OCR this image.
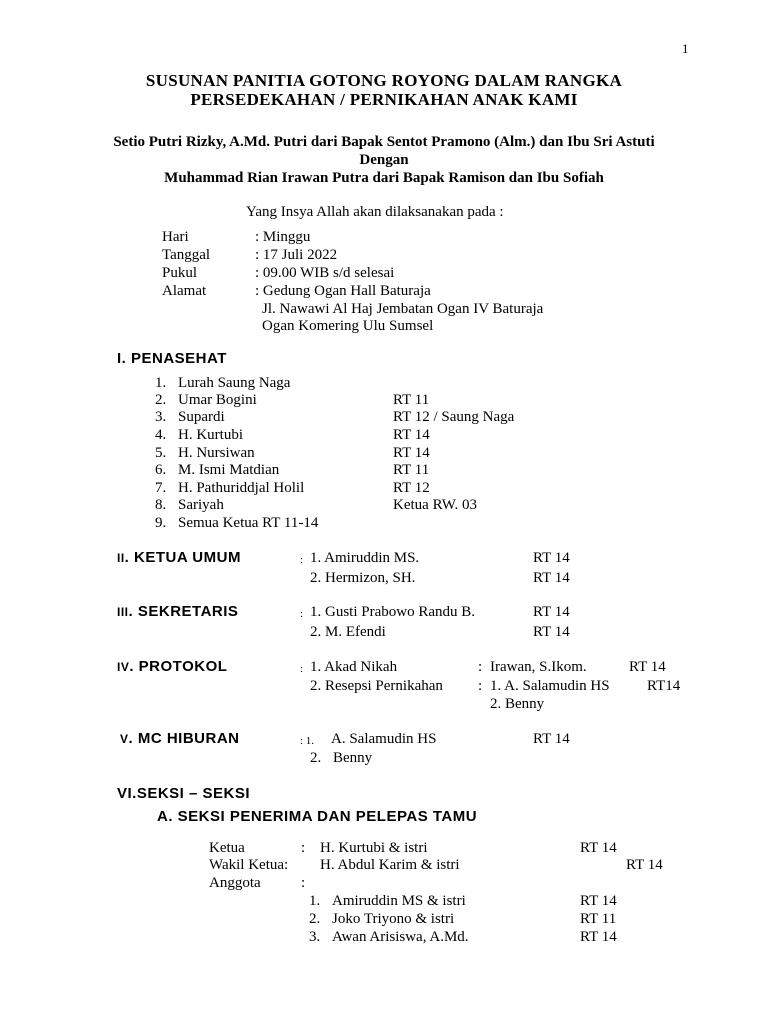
1
SUSUNAN PANITIA GOTONG ROYONG DALAM RANGKA
PERSEDEKAHAN / PERNIKAHAN ANAK KAMI
Setio Putri Rizky, A.Md. Putri dari Bapak Sentot Pramono (Alm.) dan Ibu Sri Astuti
Dengan
Muhammad Rian Irawan Putra dari Bapak Ramison dan Ibu Sofiah
Yang Insya Allah akan dilaksanakan pada :
Hari	: Minggu
Tanggal	: 17 Juli 2022
Pukul	: 09.00 WIB s/d selesai
Alamat	: Gedung Ogan Hall Baturaja
Jl. Nawawi Al Haj Jembatan Ogan IV Baturaja
Ogan Komering Ulu Sumsel
I. PENASEHAT
1. Lurah Saung Naga
2. Umar Bogini	RT 11
3. Supardi	RT 12 / Saung Naga
4. H. Kurtubi	RT 14
5. H. Nursiwan	RT 14
6. M. Ismi Matdian	RT 11
7. H. Pathuriddjal Holil	RT 12
8. Sariyah	Ketua RW. 03
9. Semua Ketua RT 11-14
II. KETUA UMUM	: 1. Amiruddin MS.	RT 14
2. Hermizon, SH.	RT 14
III. SEKRETARIS	: 1. Gusti Prabowo Randu B.	RT 14
2. M. Efendi	RT 14
IV. PROTOKOL	: 1. Akad Nikah	: Irawan, S.Ikom.	RT 14
2. Resepsi Pernikahan : 1. A. Salamudin HS RT14
2. Benny
V. MC HIBURAN	: 1. A. Salamudin HS	RT 14
2. Benny
VI.SEKSI – SEKSI
A. SEKSI PENERIMA DAN PELEPAS TAMU
Ketua	: H. Kurtubi & istri	RT 14
Wakil Ketua: H. Abdul Karim & istri	RT 14
Anggota	:
1. Amiruddin MS & istri	RT 14
2. Joko Triyono & istri	RT 11
3. Awan Arisiswa, A.Md.	RT 14
